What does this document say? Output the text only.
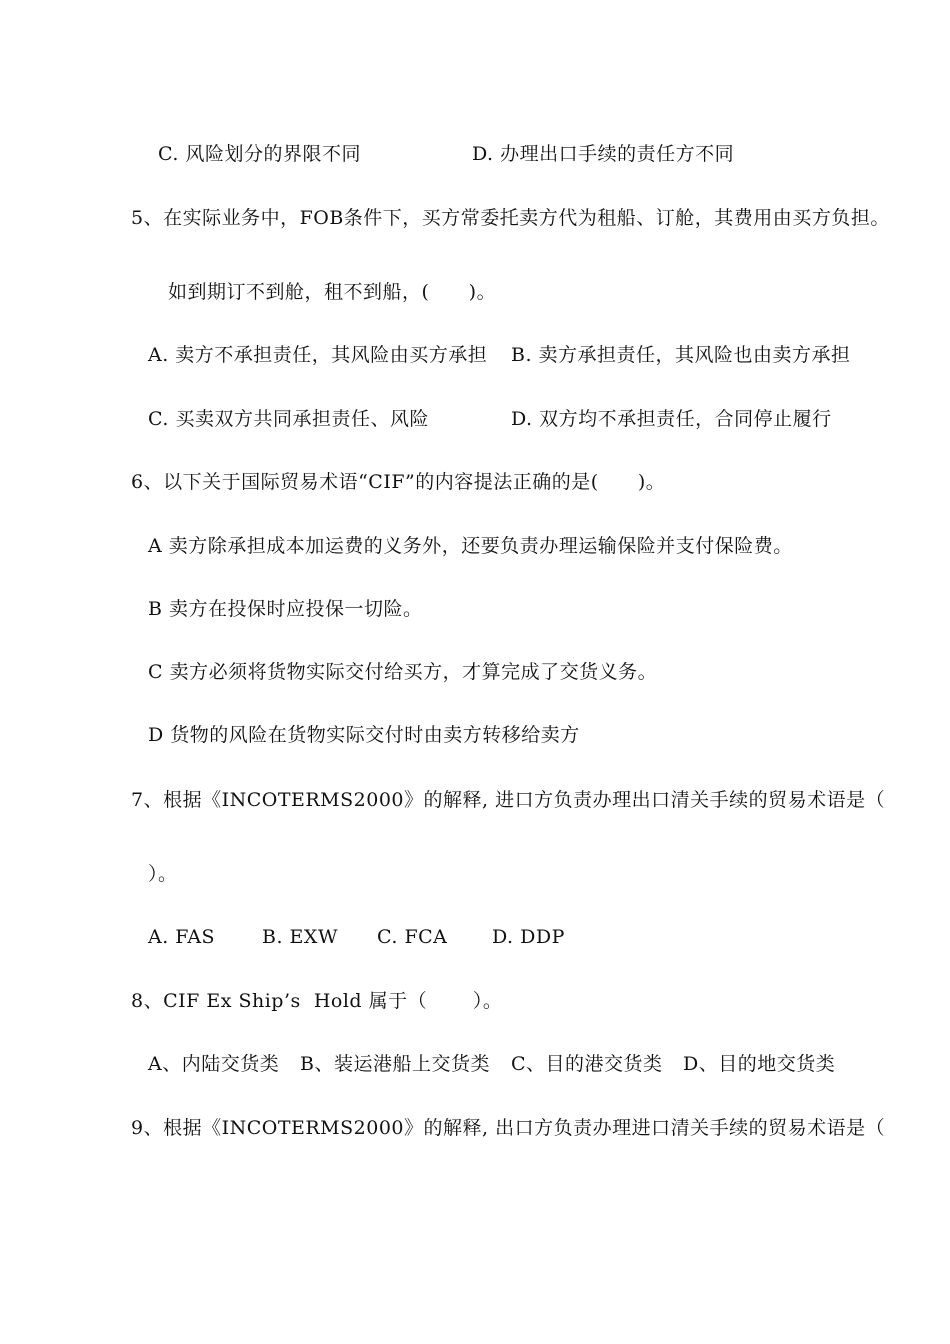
C. 风险划分的界限不同	D. 办理出口手续的责任方不同
5、在实际业务中，FOB条件下，买方常委托卖方代为租船、订舱，其费用由买方负担。
如到期订不到舱，租不到船，(      )。
A. 卖方不承担责任，其风险由买方承担 B. 卖方承担责任，其风险也由卖方承担
C. 买卖双方共同承担责任、风险	D. 双方均不承担责任，合同停止履行
6、以下关于国际贸易术语“CIF”的内容提法正确的是(      )。
A 卖方除承担成本加运费的义务外，还要负责办理运输保险并支付保险费。
B 卖方在投保时应投保一切险。
C 卖方必须将货物实际交付给买方，才算完成了交货义务。
D 货物的风险在货物实际交付时由卖方转移给卖方
7、根据《INCOTERMS2000》的解释, 进口方负责办理出口清关手续的贸易术语是（
）。
A. FAS B. EXW C. FCA D. DDP
8、CIF Ex Ship’s  Hold 属于（       ）。
A、内陆交货类 B、装运港船上交货类 C、目的港交货类 D、目的地交货类
9、根据《INCOTERMS2000》的解释, 出口方负责办理进口清关手续的贸易术语是（
